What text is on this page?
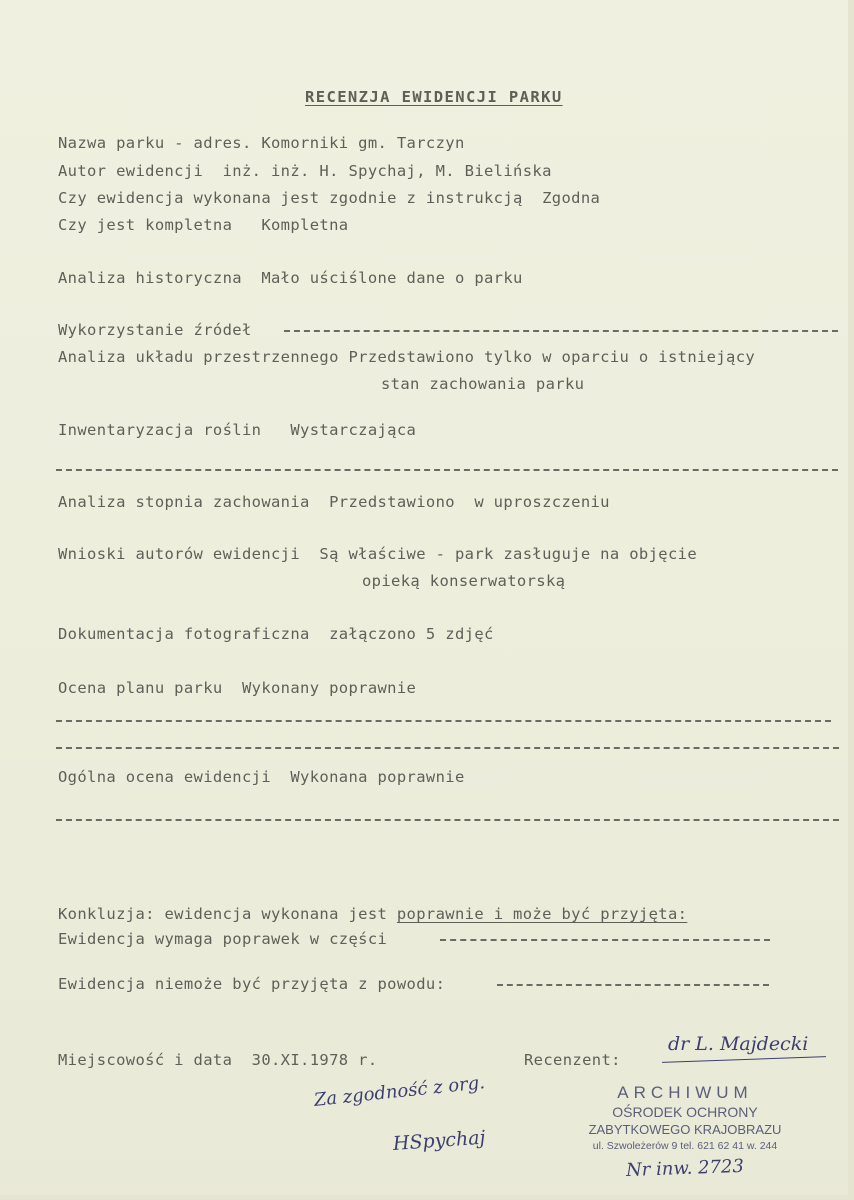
RECENZJA EWIDENCJI PARKU
Nazwa parku - adres. Komorniki gm. Tarczyn
Autor ewidencji  inż. inż. H. Spychaj, M. Bielińska
Czy ewidencja wykonana jest zgodnie z instrukcją  Zgodna
Czy jest kompletna   Kompletna
Analiza historyczna  Mało uściślone dane o parku
Wykorzystanie źródeł
Analiza układu przestrzennego Przedstawiono tylko w oparciu o istniejący
stan zachowania parku
Inwentaryzacja roślin   Wystarczająca
Analiza stopnia zachowania  Przedstawiono  w uproszczeniu
Wnioski autorów ewidencji  Są właściwe - park zasługuje na objęcie
opieką konserwatorską
Dokumentacja fotograficzna  załączono 5 zdjęć
Ocena planu parku  Wykonany poprawnie
Ogólna ocena ewidencji  Wykonana poprawnie
Konkluzja: ewidencja wykonana jest poprawnie i może być przyjęta:
Ewidencja wymaga poprawek w części
Ewidencja niemoże być przyjęta z powodu:
Miejscowość i data  30.XI.1978 r.	Recenzent:
dr L. Majdecki
Za zgodność z org.
HSpychaj
ARCHIWUM
OŚRODEK OCHRONY
ZABYTKOWEGO KRAJOBRAZU
ul. Szwoleżerów 9 tel. 621 62 41 w. 244
Nr inw. 2723
